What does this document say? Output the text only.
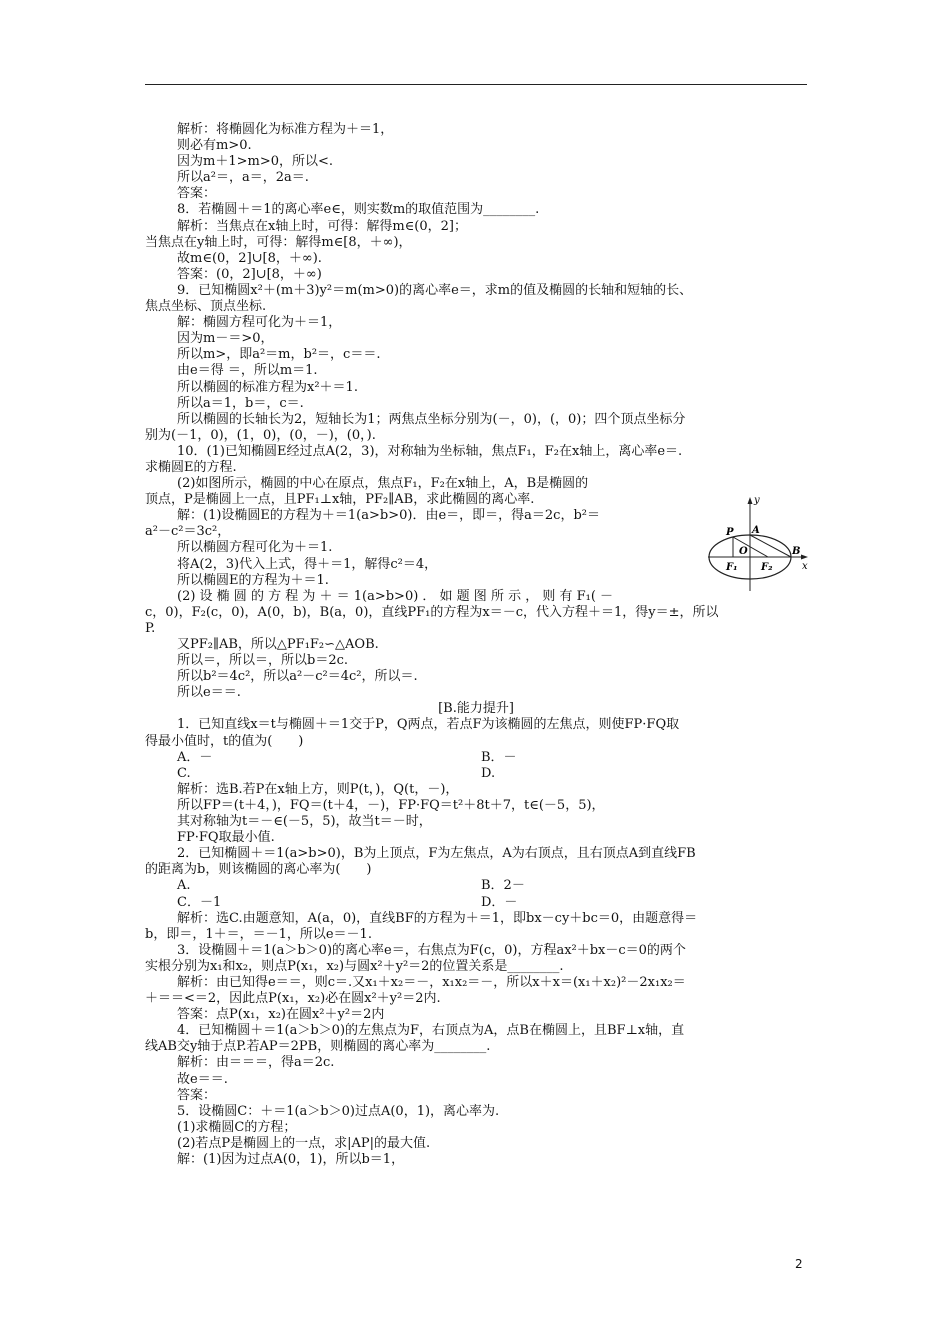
解析：将椭圆化为标准方程为＋＝1，
则必有m>0.
因为m＋1>m>0，所以<.
所以a²＝，a＝，2a＝.
答案：
8．若椭圆＋＝1的离心率e∈，则实数m的取值范围为________.
解析：当焦点在x轴上时，可得：解得m∈(0，2]；
当焦点在y轴上时，可得：解得m∈[8，＋∞)，
故m∈(0，2]∪[8，＋∞).
答案：(0，2]∪[8，＋∞)
9．已知椭圆x²＋(m＋3)y²＝m(m>0)的离心率e＝，求m的值及椭圆的长轴和短轴的长、
焦点坐标、顶点坐标.
解：椭圆方程可化为＋＝1，
因为m－＝>0，
所以m>，即a²＝m，b²＝，c＝＝.
由e＝得 ＝，所以m＝1.
所以椭圆的标准方程为x²＋＝1.
所以a＝1，b＝，c＝.
所以椭圆的长轴长为2，短轴长为1；两焦点坐标分别为(－，0)，(，0)；四个顶点坐标分
别为(－1，0)，(1，0)，(0，－)，(0，).
10．(1)已知椭圆E经过点A(2，3)，对称轴为坐标轴，焦点F₁，F₂在x轴上，离心率e＝.
求椭圆E的方程.
(2)如图所示，椭圆的中心在原点，焦点F₁，F₂在x轴上，A，B是椭圆的
顶点，P是椭圆上一点，且PF₁⊥x轴，PF₂∥AB，求此椭圆的离心率.
解：(1)设椭圆E的方程为＋＝1(a>b>0)．由e＝，即＝，得a＝2c，b²＝
a²－c²＝3c²，
所以椭圆方程可化为＋＝1.
将A(2，3)代入上式，得＋＝1，解得c²＝4，
所以椭圆E的方程为＋＝1.
(2) 设 椭 圆 的 方 程 为 ＋ ＝ 1(a>b>0) ． 如 题 图 所 示 ， 则 有 F₁( －
c，0)，F₂(c，0)，A(0，b)，B(a，0)，直线PF₁的方程为x＝－c，代入方程＋＝1，得y＝±，所以
P.
又PF₂∥AB，所以△PF₁F₂∽△AOB.
所以＝，所以＝，所以b＝2c.
所以b²＝4c²，所以a²－c²＝4c²，所以＝.
所以e＝＝.
[B.能力提升]
1．已知直线x＝t与椭圆＋＝1交于P，Q两点，若点F为该椭圆的左焦点，则使FP·FQ取
得最小值时，t的值为(　　)
A．－	B．－
C.	D.
解析：选B.若P在x轴上方，则P(t，)，Q(t，－)，
所以FP＝(t＋4，)，FQ＝(t＋4，－)，FP·FQ＝t²＋8t＋7，t∈(－5，5)，
其对称轴为t＝－∈(－5，5)，故当t＝－时，
FP·FQ取最小值.
2．已知椭圆＋＝1(a>b>0)，B为上顶点，F为左焦点，A为右顶点，且右顶点A到直线FB
的距离为b，则该椭圆的离心率为(　　)
A.	B．2－
C．－1	D．－
解析：选C.由题意知，A(a，0)，直线BF的方程为＋＝1，即bx－cy＋bc＝0，由题意得＝
b，即＝，1＋＝，＝－1，所以e＝－1.
3．设椭圆＋＝1(a＞b＞0)的离心率e＝，右焦点为F(c，0)，方程ax²＋bx－c＝0的两个
实根分别为x₁和x₂，则点P(x₁，x₂)与圆x²＋y²＝2的位置关系是________.
解析：由已知得e＝＝，则c＝.又x₁＋x₂＝－，x₁x₂＝－，所以x＋x＝(x₁＋x₂)²－2x₁x₂＝
＋＝＝<＝2，因此点P(x₁，x₂)必在圆x²＋y²＝2内.
答案：点P(x₁，x₂)在圆x²＋y²＝2内
4．已知椭圆＋＝1(a＞b＞0)的左焦点为F，右顶点为A，点B在椭圆上，且BF⊥x轴，直
线AB交y轴于点P.若AP＝2PB，则椭圆的离心率为________.
解析：由＝＝＝，得a＝2c.
故e＝＝.
答案：
5．设椭圆C：＋＝1(a＞b＞0)过点A(0，1)，离心率为.
(1)求椭圆C的方程；
(2)若点P是椭圆上的一点，求|AP|的最大值.
解：(1)因为过点A(0，1)，所以b＝1，
y
x
P A
O	B
F₁ F₂
2
